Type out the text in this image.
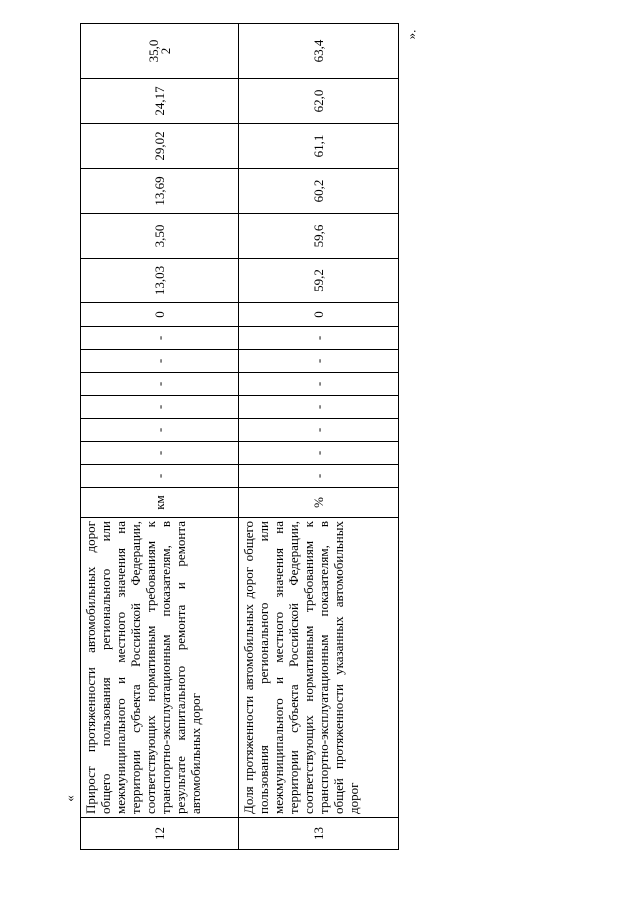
«
».
12	Прирост протяженности автомобильных дорог общего пользования регионального или межмуниципального и местного значения на территории субъекта Российской Федерации, соответствующих нормативным требованиям к транспортно-эксплуатационным показателям, в результате капитального ремонта и ремонта автомобильных дорог	км	-	-	-	-	-	-	-	0	13,03	3,50	13,69	29,02	24,17	35,0
2
13	Доля протяженности автомобильных дорог общего пользования регионального или межмуниципального и местного значения на территории субъекта Российской Федерации, соответствующих нормативным требованиям к транспортно-эксплуатационным показателям, в общей протяженности указанных автомобильных дорог	%	-	-	-	-	-	-	-	0	59,2	59,6	60,2	61,1	62,0	63,4
